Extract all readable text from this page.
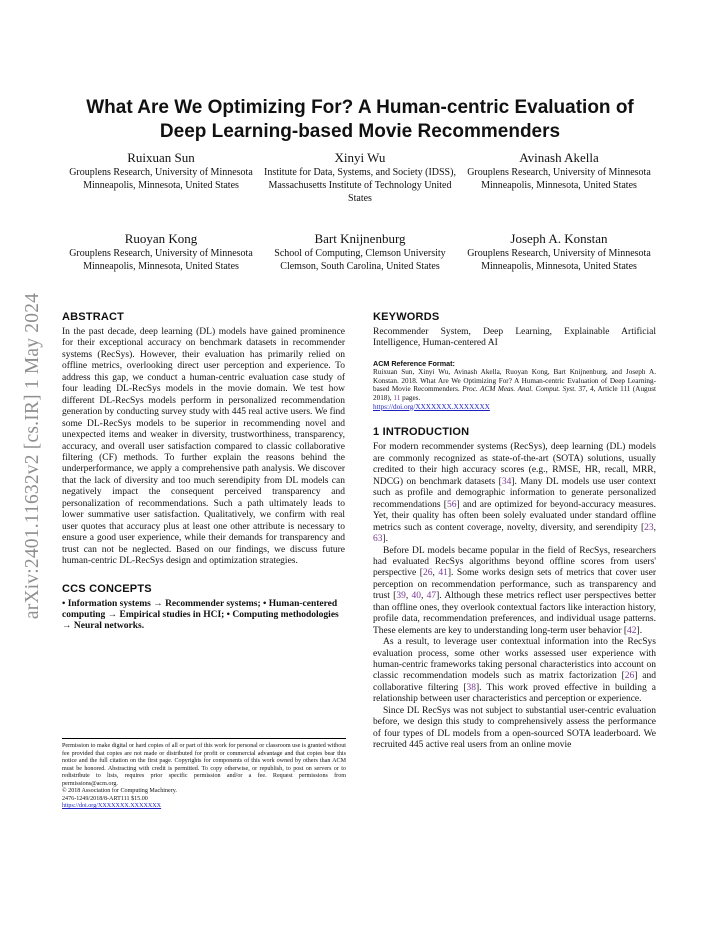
arXiv:2401.11632v2 [cs.IR] 1 May 2024
What Are We Optimizing For? A Human-centric Evaluation of Deep Learning-based Movie Recommenders
Ruixuan Sun
Grouplens Research, University of Minnesota Minneapolis, Minnesota, United States
Xinyi Wu
Institute for Data, Systems, and Society (IDSS), Massachusetts Institute of Technology United States
Avinash Akella
Grouplens Research, University of Minnesota Minneapolis, Minnesota, United States
Ruoyan Kong
Grouplens Research, University of Minnesota Minneapolis, Minnesota, United States
Bart Knijnenburg
School of Computing, Clemson University Clemson, South Carolina, United States
Joseph A. Konstan
Grouplens Research, University of Minnesota Minneapolis, Minnesota, United States
ABSTRACT

In the past decade, deep learning (DL) models have gained prominence for their exceptional accuracy on benchmark datasets in recommender systems (RecSys). However, their evaluation has primarily relied on offline metrics, overlooking direct user perception and experience. To address this gap, we conduct a human-centric evaluation case study of four leading DL-RecSys models in the movie domain. We test how different DL-RecSys models perform in personalized recommendation generation by conducting survey study with 445 real active users. We find some DL-RecSys models to be superior in recommending novel and unexpected items and weaker in diversity, trustworthiness, transparency, accuracy, and overall user satisfaction compared to classic collaborative filtering (CF) methods. To further explain the reasons behind the underperformance, we apply a comprehensive path analysis. We discover that the lack of diversity and too much serendipity from DL models can negatively impact the consequent perceived transparency and personalization of recommendations. Such a path ultimately leads to lower summative user satisfaction. Qualitatively, we confirm with real user quotes that accuracy plus at least one other attribute is necessary to ensure a good user experience, while their demands for transparency and trust can not be neglected. Based on our findings, we discuss future human-centric DL-RecSys design and optimization strategies.

CCS CONCEPTS

• Information systems → Recommender systems; • Human-centered computing → Empirical studies in HCI; • Computing methodologies → Neural networks.

Permission to make digital or hard copies of all or part of this work for personal or classroom use is granted without fee provided that copies are not made or distributed for profit or commercial advantage and that copies bear this notice and the full citation on the first page. Copyrights for components of this work owned by others than ACM must be honored. Abstracting with credit is permitted. To copy otherwise, or republish, to post on servers or to redistribute to lists, requires prior specific permission and/or a fee. Request permissions from permissions@acm.org.

© 2018 Association for Computing Machinery.

2476-1249/2018/8-ART111 $15.00

https://doi.org/XXXXXXX.XXXXXXX

KEYWORDS

Recommender System, Deep Learning, Explainable Artificial Intelligence, Human-centered AI

ACM Reference Format:

Ruixuan Sun, Xinyi Wu, Avinash Akella, Ruoyan Kong, Bart Knijnenburg, and Joseph A. Konstan. 2018. What Are We Optimizing For? A Human-centric Evaluation of Deep Learning-based Movie Recommenders. Proc. ACM Meas. Anal. Comput. Syst. 37, 4, Article 111 (August 2018), 11 pages.
https://doi.org/XXXXXXX.XXXXXXX

1 INTRODUCTION

For modern recommender systems (RecSys), deep learning (DL) models are commonly recognized as state-of-the-art (SOTA) solutions, usually credited to their high accuracy scores (e.g., RMSE, HR, recall, MRR, NDCG) on benchmark datasets [34]. Many DL models use user context such as profile and demographic information to generate personalized recommendations [56] and are optimized for beyond-accuracy measures. Yet, their quality has often been solely evaluated under standard offline metrics such as content coverage, novelty, diversity, and serendipity [23, 63].

Before DL models became popular in the field of RecSys, researchers had evaluated RecSys algorithms beyond offline scores from users' perspective [26, 41]. Some works design sets of metrics that cover user perception on recommendation performance, such as transparency and trust [39, 40, 47]. Although these metrics reflect user perspectives better than offline ones, they overlook contextual factors like interaction history, profile data, recommendation preferences, and individual usage patterns. These elements are key to understanding long-term user behavior [42].

As a result, to leverage user contextual information into the RecSys evaluation process, some other works assessed user experience with human-centric frameworks taking personal characteristics into account on classic recommendation models such as matrix factorization [26] and collaborative filtering [38]. This work proved effective in building a relationship between user characteristics and perception or experience.

Since DL RecSys was not subject to substantial user-centric evaluation before, we design this study to comprehensively assess the performance of four types of DL models from a open-sourced SOTA leaderboard. We recruited 445 active real users from an online movie
